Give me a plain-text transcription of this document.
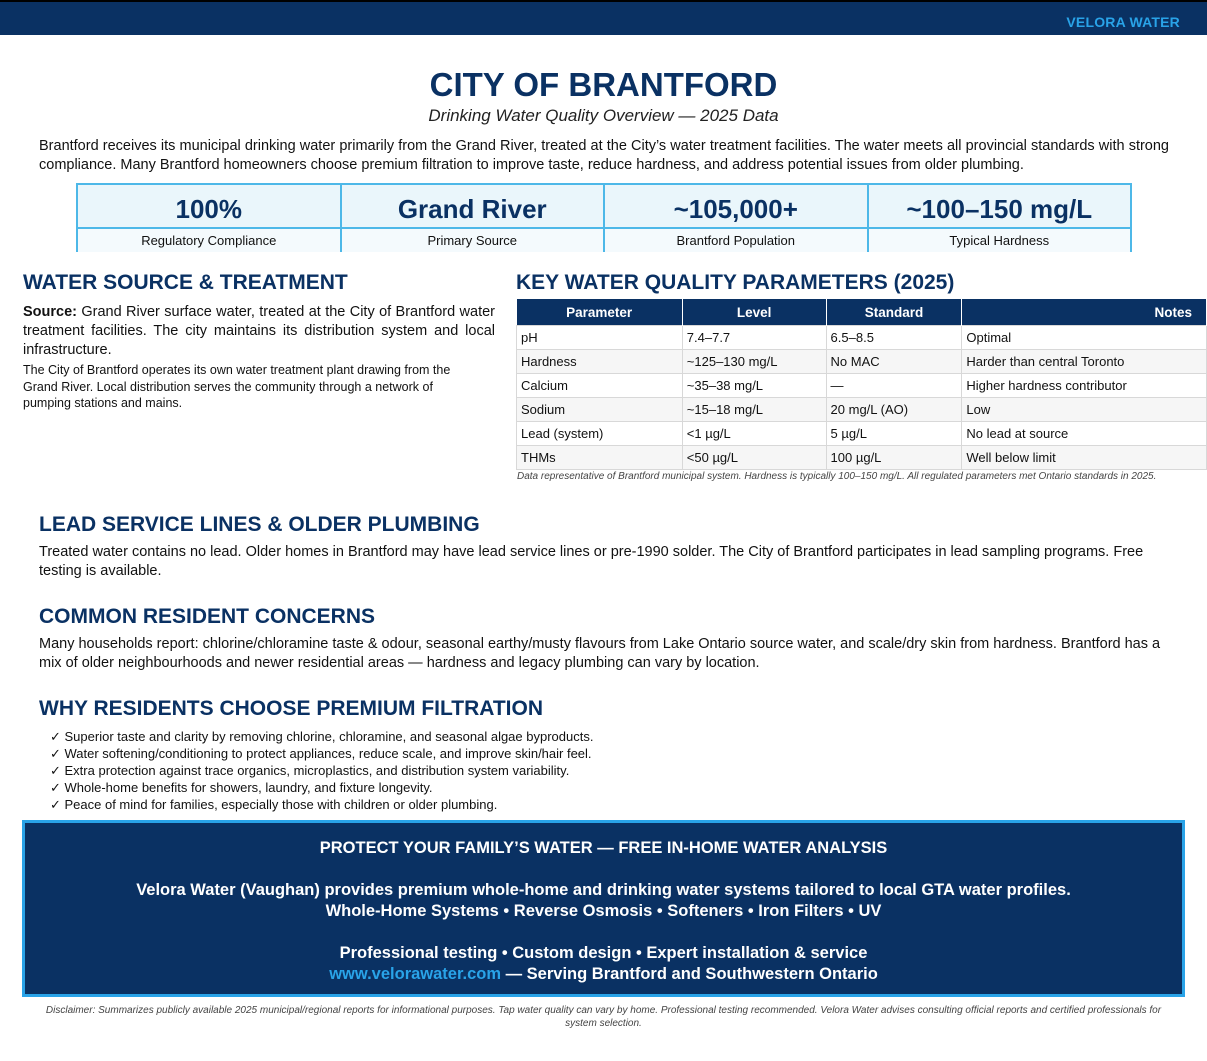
VELORA WATER
CITY OF BRANTFORD
Drinking Water Quality Overview — 2025 Data
Brantford receives its municipal drinking water primarily from the Grand River, treated at the City’s water treatment facilities. The water meets all provincial standards with strong compliance. Many Brantford homeowners choose premium filtration to improve taste, reduce hardness, and address potential issues from older plumbing.
100%
Regulatory Compliance
Grand River
Primary Source
~105,000+
Brantford Population
~100–150 mg/L
Typical Hardness
WATER SOURCE & TREATMENT
Source: Grand River surface water, treated at the City of Brantford water treatment facilities. The city maintains its distribution system and local infrastructure.
The City of Brantford operates its own water treatment plant drawing from the Grand River. Local distribution serves the community through a network of pumping stations and mains.
KEY WATER QUALITY PARAMETERS (2025)
Parameter	Level	Standard	Notes
pH	7.4–7.7	6.5–8.5	Optimal
Hardness	~125–130 mg/L	No MAC	Harder than central Toronto
Calcium	~35–38 mg/L	—	Higher hardness contributor
Sodium	~15–18 mg/L	20 mg/L (AO)	Low
Lead (system)	<1 µg/L	5 µg/L	No lead at source
THMs	<50 µg/L	100 µg/L	Well below limit
Data representative of Brantford municipal system. Hardness is typically 100–150 mg/L. All regulated parameters met Ontario standards in 2025.
LEAD SERVICE LINES & OLDER PLUMBING
Treated water contains no lead. Older homes in Brantford may have lead service lines or pre-1990 solder. The City of Brantford participates in lead sampling programs. Free testing is available.
COMMON RESIDENT CONCERNS
Many households report: chlorine/chloramine taste & odour, seasonal earthy/musty flavours from Lake Ontario source water, and scale/dry skin from hardness. Brantford has a mix of older neighbourhoods and newer residential areas — hardness and legacy plumbing can vary by location.
WHY RESIDENTS CHOOSE PREMIUM FILTRATION
✓ Superior taste and clarity by removing chlorine, chloramine, and seasonal algae byproducts.
✓ Water softening/conditioning to protect appliances, reduce scale, and improve skin/hair feel.
✓ Extra protection against trace organics, microplastics, and distribution system variability.
✓ Whole-home benefits for showers, laundry, and fixture longevity.
✓ Peace of mind for families, especially those with children or older plumbing.
PROTECT YOUR FAMILY’S WATER — FREE IN-HOME WATER ANALYSIS
Velora Water (Vaughan) provides premium whole-home and drinking water systems tailored to local GTA water profiles.
Whole-Home Systems • Reverse Osmosis • Softeners • Iron Filters • UV
Professional testing • Custom design • Expert installation & service
www.velorawater.com — Serving Brantford and Southwestern Ontario
Disclaimer: Summarizes publicly available 2025 municipal/regional reports for informational purposes. Tap water quality can vary by home. Professional testing recommended. Velora Water advises consulting official reports and certified professionals for system selection.
